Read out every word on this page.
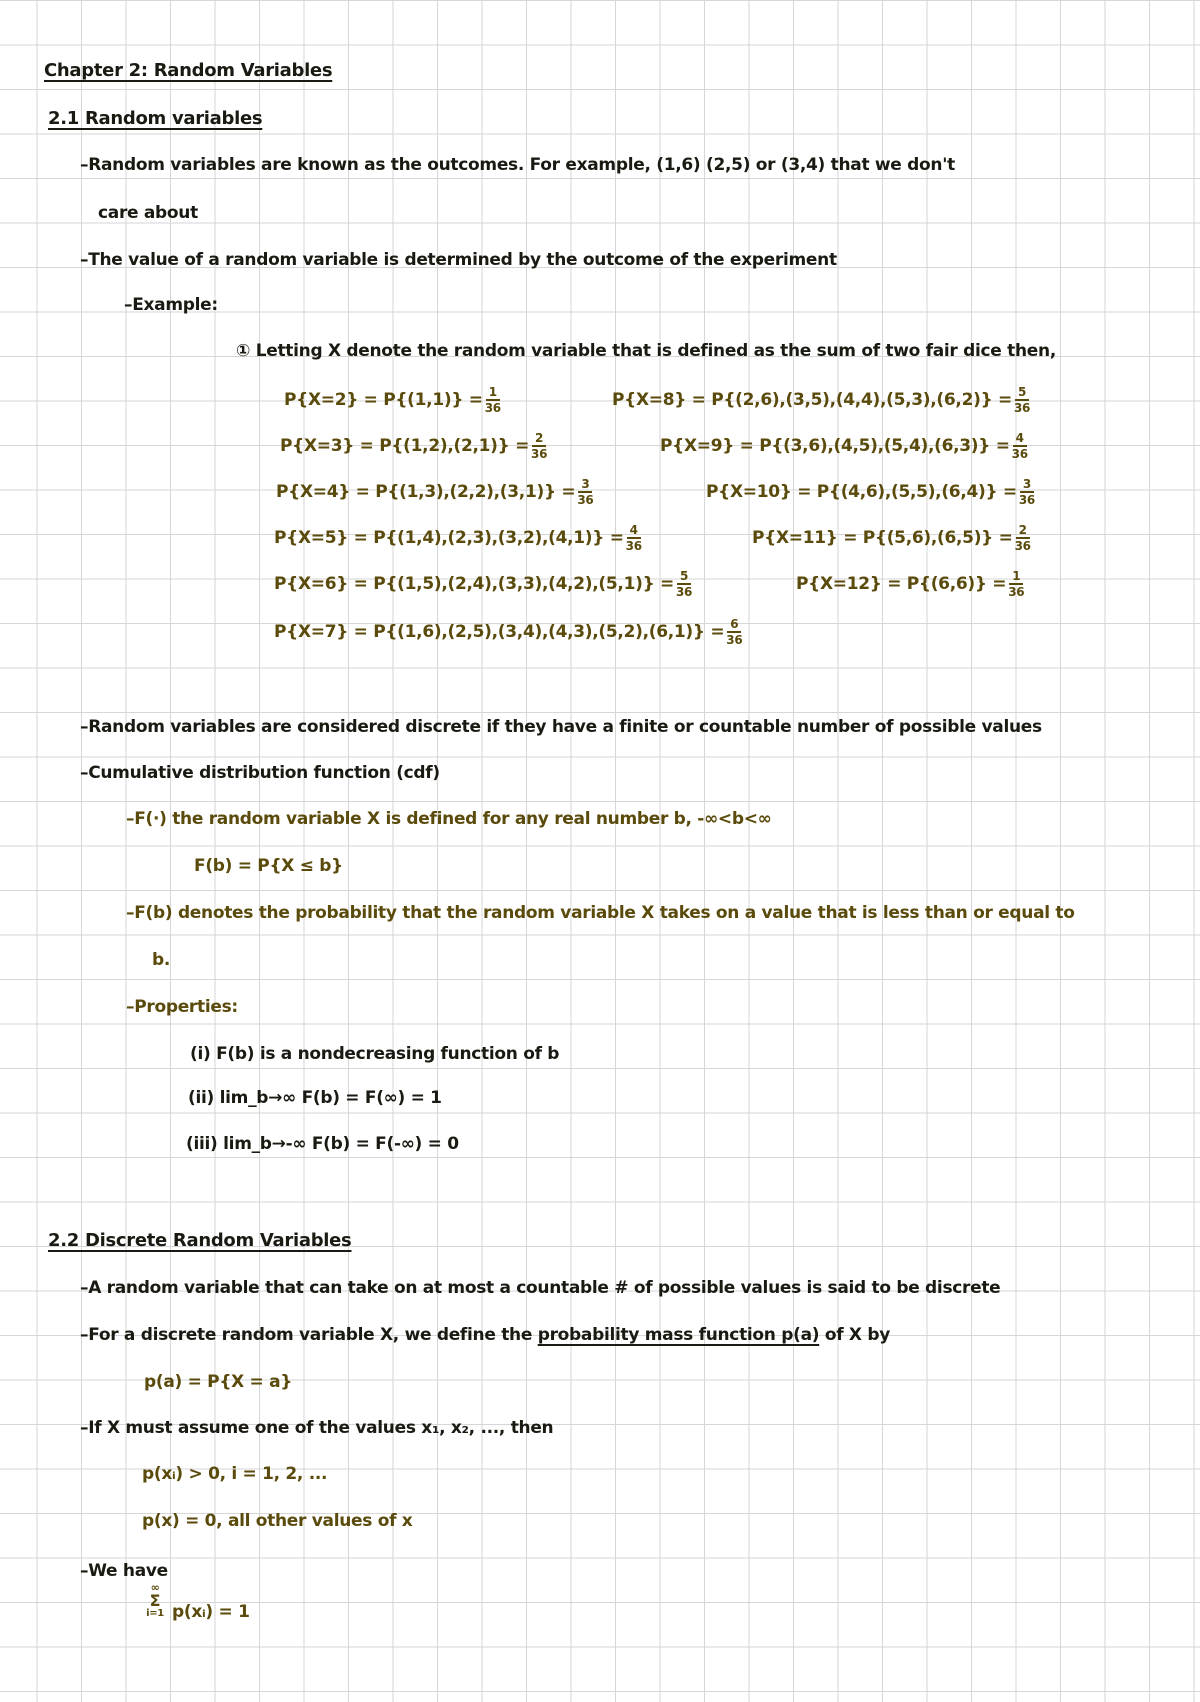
Chapter 2: Random Variables
2.1 Random variables
–Random variables are known as the outcomes. For example, (1,6) (2,5) or (3,4) that we don't
care about
–The value of a random variable is determined by the outcome of the experiment
–Example:
① Letting X denote the random variable that is defined as the sum of two fair dice then,
$P\{X=2\} = P\{(1,1)\} = \frac{1}{36}$
$P\{X=3\} = P\{(1,2),(2,1)\} = \frac{2}{36}$
$P\{X=4\} = P\{(1,3),(2,2),(3,1)\} = \frac{3}{36}$
$P\{X=5\} = P\{(1,4),(2,3),(3,2),(4,1)\} = \frac{4}{36}$
$P\{X=6\} = P\{(1,5),(2,4),(3,3),(4,2),(5,1)\} = \frac{5}{36}$
$P\{X=7\} = P\{(1,6),(2,5),(3,4),(4,3),(5,2),(6,1)\} = \frac{6}{36}$
$P\{X=8\} = P\{(2,6),(3,5),(4,4),(5,3),(6,2)\} = \frac{5}{36}$
$P\{X=9\} = P\{(3,6),(4,5),(5,4),(6,3)\} = \frac{4}{36}$
$P\{X=10\} = P\{(4,6),(5,5),(6,4)\} = \frac{3}{36}$
$P\{X=11\} = P\{(5,6),(6,5)\} = \frac{2}{36}$
$P\{X=12\} = P\{(6,6)\} = \frac{1}{36}$
–Random variables are considered discrete if they have a finite or countable number of possible values
–Cumulative distribution function (cdf)
–F(·) the random variable X is defined for any real number b, -∞<b<∞
F(b) = P{X ≤ b}
–F(b) denotes the probability that the random variable X takes on a value that is less than or equal to
b.
–Properties:
(i) F(b) is a nondecreasing function of b
(ii) lim_b→∞ F(b) = F(∞) = 1
(iii) lim_b→-∞ F(b) = F(-∞) = 0
2.2 Discrete Random Variables
–A random variable that can take on at most a countable # of possible values is said to be discrete
–For a discrete random variable X, we define the probability mass function p(a) of X by
p(a) = P{X = a}
–If X must assume one of the values x₁, x₂, ..., then
p(xᵢ) > 0, i = 1, 2, ...
p(x) = 0, all other values of x
–We have
∞
Σ
i=1 p(xᵢ) = 1
